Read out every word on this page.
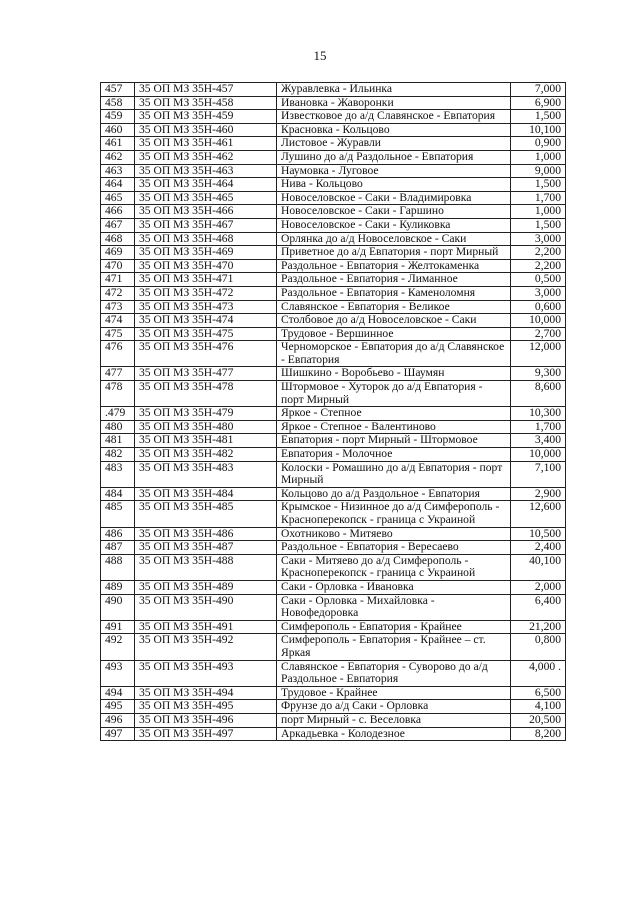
15
457	35 ОП МЗ 35Н-457	Журавлевка - Ильинка	7,000
458	35 ОП МЗ 35Н-458	Ивановка - Жаворонки	6,900
459	35 ОП МЗ 35Н-459	Известковое до а/д Славянское - Евпатория	1,500
460	35 ОП МЗ 35Н-460	Красновка - Кольцово	10,100
461	35 ОП МЗ 35Н-461	Листовое - Журавли	0,900
462	35 ОП МЗ 35Н-462	Лушино до а/д Раздольное - Евпатория	1,000
463	35 ОП МЗ 35Н-463	Наумовка - Луговое	9,000
464	35 ОП МЗ 35Н-464	Нива - Кольцово	1,500
465	35 ОП МЗ 35Н-465	Новоселовское - Саки - Владимировка	1,700
466	35 ОП МЗ 35Н-466	Новоселовское - Саки - Гаршино	1,000
467	35 ОП МЗ 35Н-467	Новоселовское - Саки - Куликовка	1,500
468	35 ОП МЗ 35Н-468	Орлянка до а/д Новоселовское - Саки	3,000
469	35 ОП МЗ 35Н-469	Приветное до а/д Евпатория - порт Мирный	2,200
470	35 ОП МЗ 35Н-470	Раздольное - Евпатория - Желтокаменка	2,200
471	35 ОП МЗ 35Н-471	Раздольное - Евпатория - Лиманное	0,500
472	35 ОП МЗ 35Н-472	Раздольное - Евпатория - Каменоломня	3,000
473	35 ОП МЗ 35Н-473	Славянское - Евпатория - Великое	0,600
474	35 ОП МЗ 35Н-474	Столбовое до а/д Новоселовское - Саки	10,000
475	35 ОП МЗ 35Н-475	Трудовое - Вершинное	2,700
476	35 ОП МЗ 35Н-476	Черноморское - Евпатория до а/д Славянское - Евпатория	12,000
477	35 ОП МЗ 35Н-477	Шишкино - Воробьево - Шаумян	9,300
478	35 ОП МЗ 35Н-478	Штормовое - Хуторок до а/д Евпатория - порт Мирный	8,600
.479	35 ОП МЗ 35Н-479	Яркое - Степное	10,300
480	35 ОП МЗ 35Н-480	Яркое - Степное - Валентиново	1,700
481	35 ОП МЗ 35Н-481	Евпатория - порт Мирный - Штормовое	3,400
482	35 ОП МЗ 35Н-482	Евпатория - Молочное	10,000
483	35 ОП МЗ 35Н-483	Колоски - Ромашино до а/д Евпатория - порт Мирный	7,100
484	35 ОП МЗ 35Н-484	Кольцово до а/д Раздольное - Евпатория	2,900
485	35 ОП МЗ 35Н-485	Крымское - Низинное до а/д Симферополь - Красноперекопск - граница с Украиной	12,600
486	35 ОП МЗ 35Н-486	Охотниково - Митяево	10,500
487	35 ОП МЗ 35Н-487	Раздольное - Евпатория - Вересаево	2,400
488	35 ОП МЗ 35Н-488	Саки - Митяево до а/д Симферополь - Красноперекопск - граница с Украиной	40,100
489	35 ОП МЗ 35Н-489	Саки - Орловка - Ивановка	2,000
490	35 ОП МЗ 35Н-490	Саки - Орловка - Михайловка - Новофедоровка	6,400
491	35 ОП МЗ 35Н-491	Симферополь - Евпатория - Крайнее	21,200
492	35 ОП МЗ 35Н-492	Симферополь - Евпатория - Крайнее – ст. Яркая	0,800
493	35 ОП МЗ 35Н-493	Славянское - Евпатория - Суворово до а/д Раздольное - Евпатория	4,000 .
494	35 ОП МЗ 35Н-494	Трудовое - Крайнее	6,500
495	35 ОП МЗ 35Н-495	Фрунзе до а/д Саки - Орловка	4,100
496	35 ОП МЗ 35Н-496	порт Мирный - с. Веселовка	20,500
497	35 ОП МЗ 35Н-497	Аркадьевка - Колодезное	8,200
